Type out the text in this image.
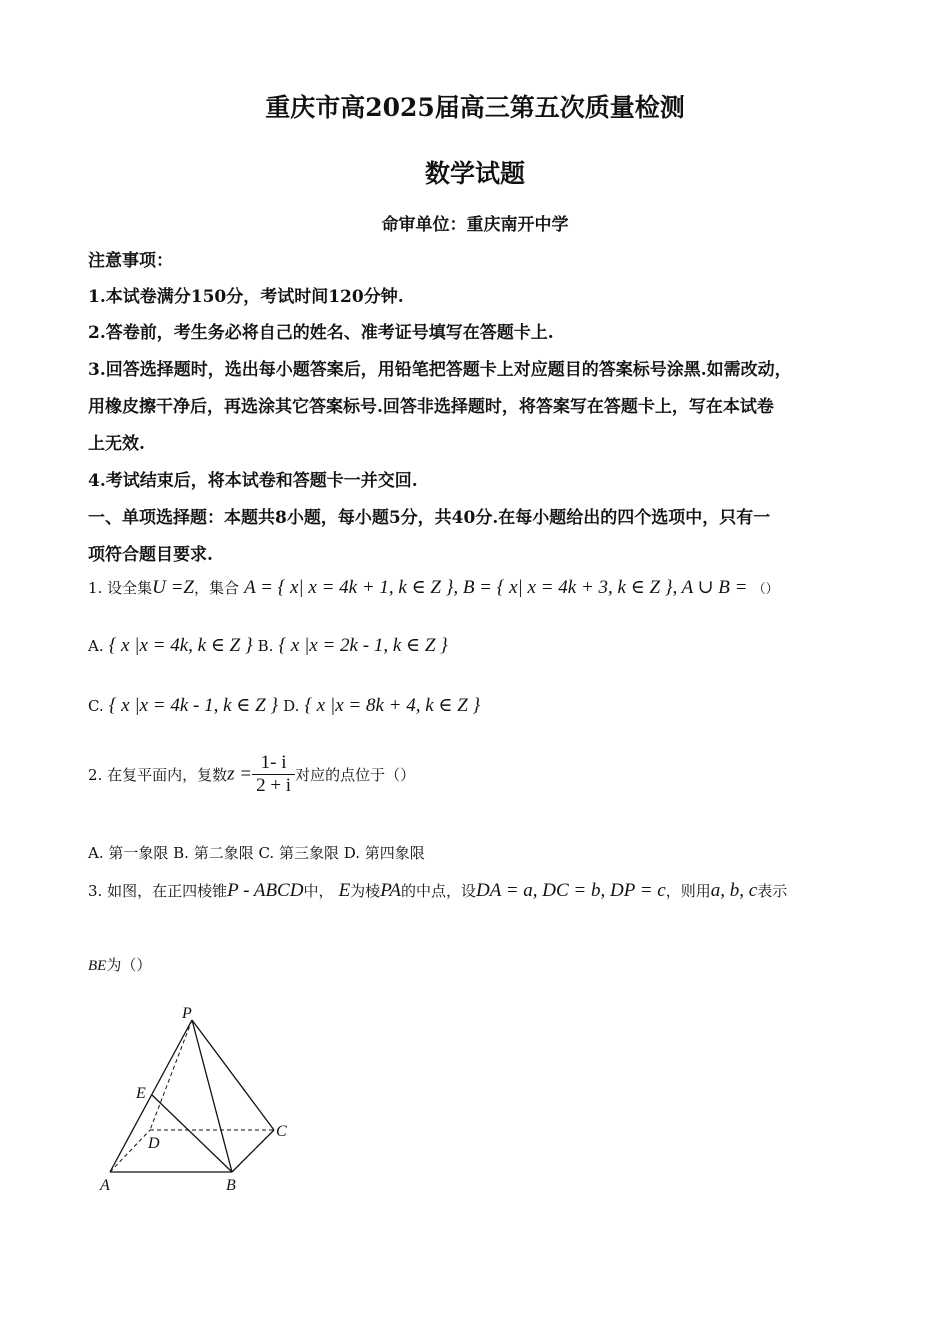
重庆市高2025届高三第五次质量检测
数学试题
命审单位：重庆南开中学
注意事项：
1.本试卷满分150分，考试时间120分钟.
2.答卷前，考生务必将自己的姓名、准考证号填写在答题卡上.
3.回答选择题时，选出每小题答案后，用铅笔把答题卡上对应题目的答案标号涂黑.如需改动，
用橡皮擦干净后，再选涂其它答案标号.回答非选择题时，将答案写在答题卡上，写在本试卷
上无效.
4.考试结束后，将本试卷和答题卡一并交回.
一、单项选择题：本题共8小题，每小题5分，共40分.在每小题给出的四个选项中，只有一
项符合题目要求.
1. 设全集U =Z，集合 A = { x| x = 4k + 1, k ∈ Z }, B = { x| x = 4k + 3, k ∈ Z }, A ∪ B = （）
A. { x |x = 4k, k ∈ Z } B. { x |x = 2k - 1, k ∈ Z }
C. { x |x = 4k - 1, k ∈ Z } D. { x |x = 8k + 4, k ∈ Z }
2. 在复平面内，复数$z = \frac{1- i}{2 + i}$ 对应的点位于（）
A. 第一象限 B. 第二象限 C. 第三象限 D. 第四象限
3. 如图，在正四棱锥P - ABCD中， E为棱PA的中点，设DA = a, DC = b, DP = c，则用a, b, c表示
BE为（）
P
E
D
C
A	B
